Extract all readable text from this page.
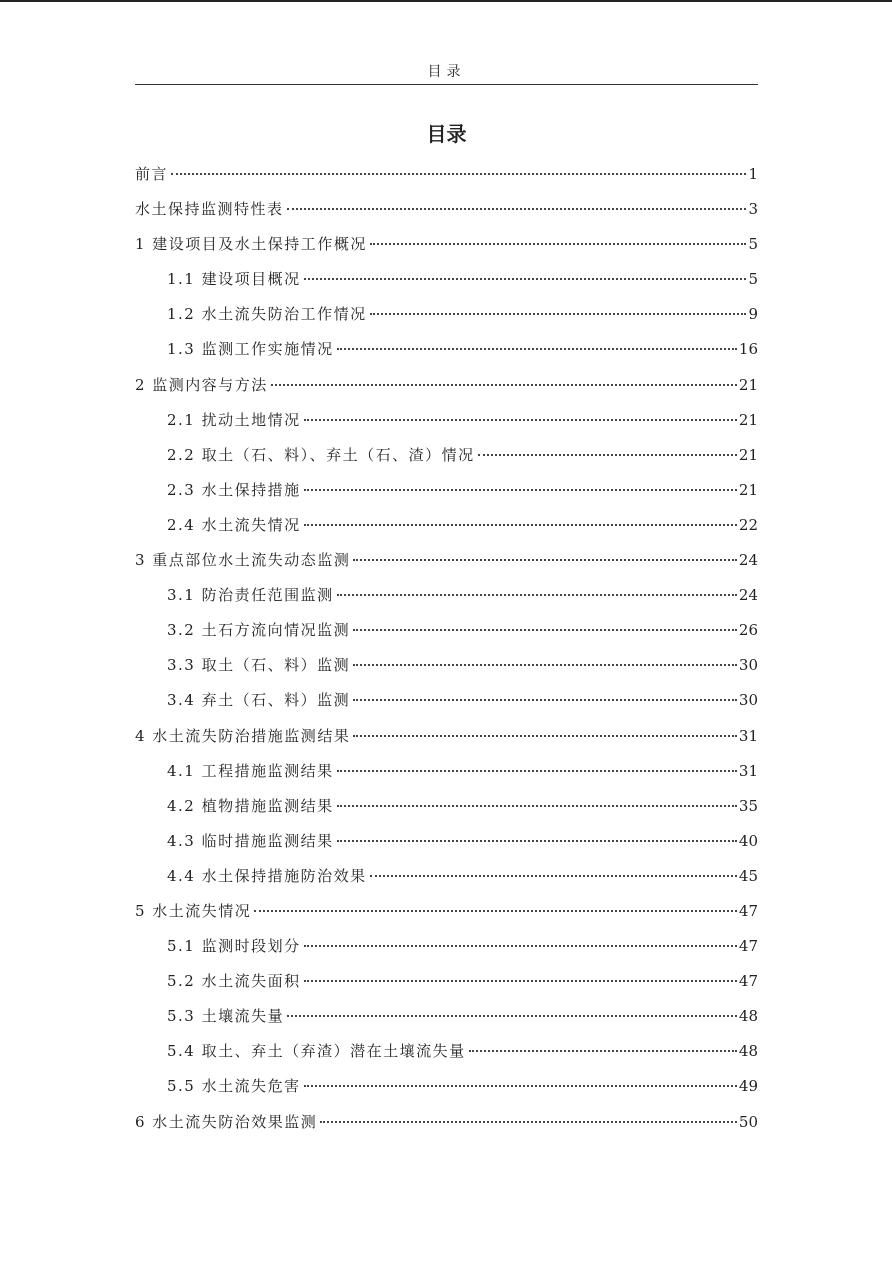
目录
目录
前言	1
水土保持监测特性表	3
1 建设项目及水土保持工作概况	5
1.1 建设项目概况	5
1.2 水土流失防治工作情况	9
1.3 监测工作实施情况	16
2 监测内容与方法	21
2.1 扰动土地情况	21
2.2 取土（石、料）、弃土（石、渣）情况	21
2.3 水土保持措施	21
2.4 水土流失情况	22
3 重点部位水土流失动态监测	24
3.1 防治责任范围监测	24
3.2 土石方流向情况监测	26
3.3 取土（石、料）监测	30
3.4 弃土（石、料）监测	30
4 水土流失防治措施监测结果	31
4.1 工程措施监测结果	31
4.2 植物措施监测结果	35
4.3 临时措施监测结果	40
4.4 水土保持措施防治效果	45
5 水土流失情况	47
5.1 监测时段划分	47
5.2 水土流失面积	47
5.3 土壤流失量	48
5.4 取土、弃土（弃渣）潜在土壤流失量	48
5.5 水土流失危害	49
6 水土流失防治效果监测	50
